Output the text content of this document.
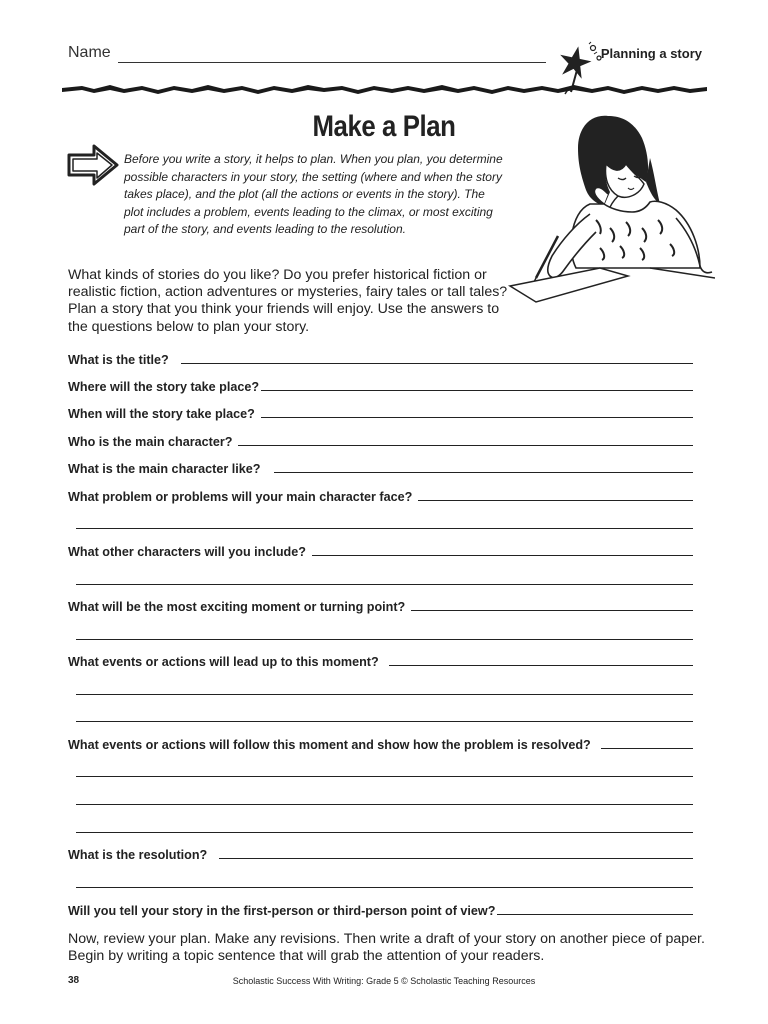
Name	Planning a story
Make a Plan
Before you write a story, it helps to plan. When you plan, you determine possible characters in your story, the setting (where and when the story takes place), and the plot (all the actions or events in the story). The plot includes a problem, events leading to the climax, or most exciting part of the story, and events leading to the resolution.
What kinds of stories do you like? Do you prefer historical fiction or realistic fiction, action adventures or mysteries, fairy tales or tall tales? Plan a story that you think your friends will enjoy. Use the answers to the questions below to plan your story.
What is the title?
Where will the story take place?
When will the story take place?
Who is the main character?
What is the main character like?
What problem or problems will your main character face?
What other characters will you include?
What will be the most exciting moment or turning point?
What events or actions will lead up to this moment?
What events or actions will follow this moment and show how the problem is resolved?
What is the resolution?
Will you tell your story in the first-person or third-person point of view?
Now, review your plan. Make any revisions. Then write a draft of your story on another piece of paper. Begin by writing a topic sentence that will grab the attention of your readers.
38	Scholastic Success With Writing: Grade 5 © Scholastic Teaching Resources
